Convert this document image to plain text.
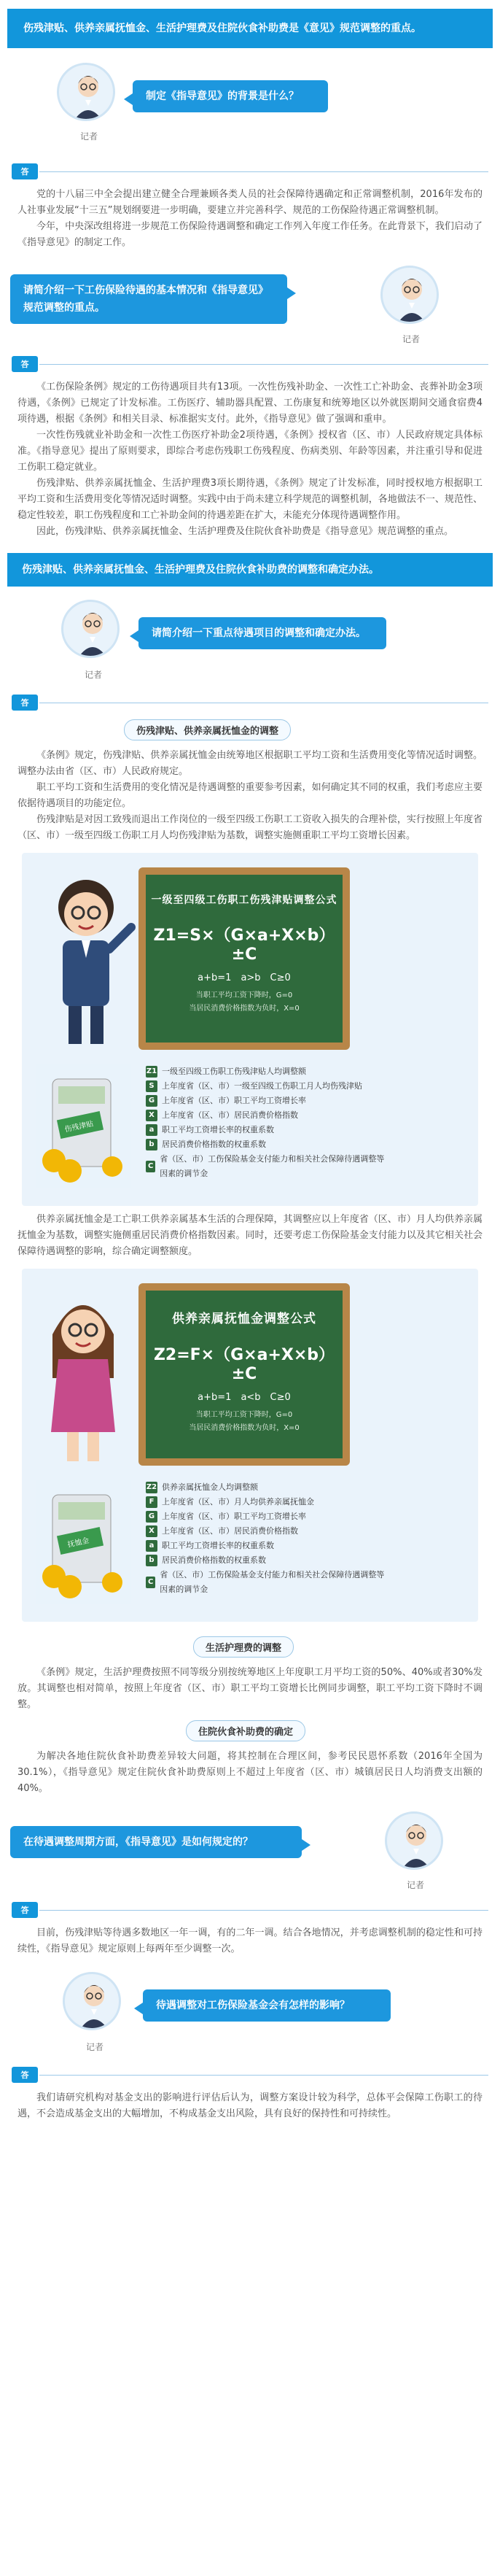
伤残津贴、供养亲属抚恤金、生活护理费及住院伙食补助费是《意见》规范调整的重点。
记者
制定《指导意见》的背景是什么？
答

党的十八届三中全会提出建立健全合理兼顾各类人员的社会保障待遇确定和正常调整机制，2016年发布的人社事业发展“十三五”规划纲要进一步明确，要建立并完善科学、规范的工伤保险待遇正常调整机制。

今年，中央深改组将进一步规范工伤保险待遇调整和确定工作列入年度工作任务。在此背景下，我们启动了《指导意见》的制定工作。

请简介绍一下工伤保险待遇的基本情况和《指导意见》规范调整的重点。
记者
答

《工伤保险条例》规定的工伤待遇项目共有13项。一次性伤残补助金、一次性工亡补助金、丧葬补助金3项待遇，《条例》已规定了计发标准。工伤医疗、辅助器具配置、工伤康复和统筹地区以外就医期间交通食宿费4项待遇，根据《条例》和相关目录、标准据实支付。此外，《指导意见》做了强调和重申。

一次性伤残就业补助金和一次性工伤医疗补助金2项待遇，《条例》授权省（区、市）人民政府规定具体标准。《指导意见》提出了原则要求，即综合考虑伤残职工伤残程度、伤病类别、年龄等因素，并注重引导和促进工伤职工稳定就业。

伤残津贴、供养亲属抚恤金、生活护理费3项长期待遇，《条例》规定了计发标准，同时授权地方根据职工平均工资和生活费用变化等情况适时调整。实践中由于尚未建立科学规范的调整机制，各地做法不一、规范性、稳定性较差，职工伤残程度和工亡补助金间的待遇差距在扩大，未能充分体现待遇调整作用。

因此，伤残津贴、供养亲属抚恤金、生活护理费及住院伙食补助费是《指导意见》规范调整的重点。

伤残津贴、供养亲属抚恤金、生活护理费及住院伙食补助费的调整和确定办法。
记者
请简介绍一下重点待遇项目的调整和确定办法。
答
伤残津贴、供养亲属抚恤金的调整

《条例》规定，伤残津贴、供养亲属抚恤金由统筹地区根据职工平均工资和生活费用变化等情况适时调整。调整办法由省（区、市）人民政府规定。

职工平均工资和生活费用的变化情况是待遇调整的重要参考因素，如何确定其不同的权重，我们考虑应主要依据待遇项目的功能定位。

伤残津贴是对因工致残而退出工作岗位的一级至四级工伤职工工资收入损失的合理补偿，实行按照上年度省（区、市）一级至四级工伤职工月人均伤残津贴为基数，调整实施侧重职工平均工资增长因素。

一级至四级工伤职工伤残津贴调整公式
Z1=S×（G×a+X×b）±C
a+b=1　a>b　C≥0
当职工平均工资下降时，G=0
当居民消费价格指数为负时，X=0
伤残津贴
Z1 一级至四级工伤职工伤残津贴人均调整额
S 上年度省（区、市）一级至四级工伤职工月人均伤残津贴
G 上年度省（区、市）职工平均工资增长率
X 上年度省（区、市）居民消费价格指数
a 职工平均工资增长率的权重系数
b 居民消费价格指数的权重系数
C
省（区、市）工伤保险基金支付能力和相关社会保障待遇调整等因素的调节金

供养亲属抚恤金是工亡职工供养亲属基本生活的合理保障，其调整应以上年度省（区、市）月人均供养亲属抚恤金为基数，调整实施侧重居民消费价格指数因素。同时，还要考虑工伤保险基金支付能力以及其它相关社会保障待遇调整的影响，综合确定调整额度。

供养亲属抚恤金调整公式
Z2=F×（G×a+X×b）±C
a+b=1　a<b　C≥0
当职工平均工资下降时，G=0
当居民消费价格指数为负时，X=0
抚恤金
Z2 供养亲属抚恤金人均调整额
F 上年度省（区、市）月人均供养亲属抚恤金
G 上年度省（区、市）职工平均工资增长率
X 上年度省（区、市）居民消费价格指数
a 职工平均工资增长率的权重系数
b 居民消费价格指数的权重系数
C
省（区、市）工伤保险基金支付能力和相关社会保障待遇调整等因素的调节金
生活护理费的调整

《条例》规定，生活护理费按照不同等级分别按统筹地区上年度职工月平均工资的50%、40%或者30%发放。其调整也相对简单，按照上年度省（区、市）职工平均工资增长比例同步调整，职工平均工资下降时不调整。

住院伙食补助费的确定

为解决各地住院伙食补助费差异较大问题，将其控制在合理区间，参考民民恩怀系数（2016年全国为30.1%），《指导意见》规定住院伙食补助费原则上不超过上年度省（区、市）城镇居民日人均消费支出额的40%。

在待遇调整周期方面，《指导意见》是如何规定的？
记者
答

目前，伤残津贴等待遇多数地区一年一调，有的二年一调。结合各地情况，并考虑调整机制的稳定性和可持续性，《指导意见》规定原则上每两年至少调整一次。

记者
待遇调整对工伤保险基金会有怎样的影响？
答

我们请研究机构对基金支出的影响进行评估后认为，调整方案设计较为科学，总体平会保障工伤职工的待遇，不会造成基金支出的大幅增加，不构成基金支出风险，具有良好的保持性和可持续性。
